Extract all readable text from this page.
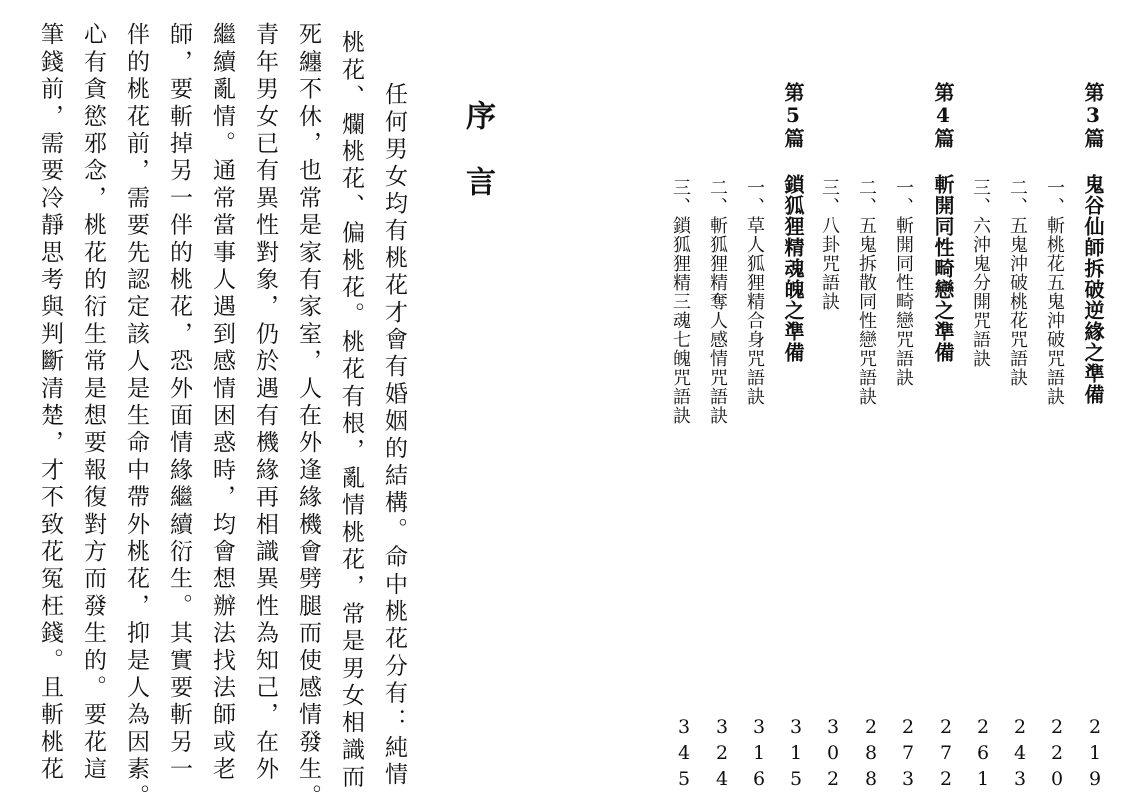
第3篇 鬼谷仙師拆破逆緣之準備
一、斬桃花五鬼沖破咒語訣
二、五鬼沖破桃花咒語訣
三、六沖鬼分開咒語訣
第4篇 斬開同性畸戀之準備
一、斬開同性畸戀咒語訣
二、五鬼拆散同性戀咒語訣
三、八卦咒語訣
第5篇 鎖狐狸精魂魄之準備
一、草人狐狸精合身咒語訣
二、斬狐狸精奪人感情咒語訣
三、鎖狐狸精三魂七魄咒語訣
2
1
9
2
2
0
2
4
3
2
6
1
2
7
2
2
7
3
2
8
8
3
0
2
3
1
5
3
1
6
3
2
4
3
4
5
序言
任何男女均有桃花才會有婚姻的結構。命中桃花分有：純情
桃花、爛桃花、偏桃花。桃花有根，亂情桃花，常是男女相識而
死纏不休，也常是家有家室，人在外逢緣機會劈腿而使感情發生。
青年男女已有異性對象，仍於遇有機緣再相識異性為知己，在外
繼續亂情。通常當事人遇到感情困惑時，均會想辦法找法師或老
師，要斬掉另一伴的桃花，恐外面情緣繼續衍生。其實要斬另一
伴的桃花前，需要先認定該人是生命中帶外桃花，抑是人為因素。
心有貪慾邪念，桃花的衍生常是想要報復對方而發生的。要花這
筆錢前，需要冷靜思考與判斷清楚，才不致花冤枉錢。且斬桃花
